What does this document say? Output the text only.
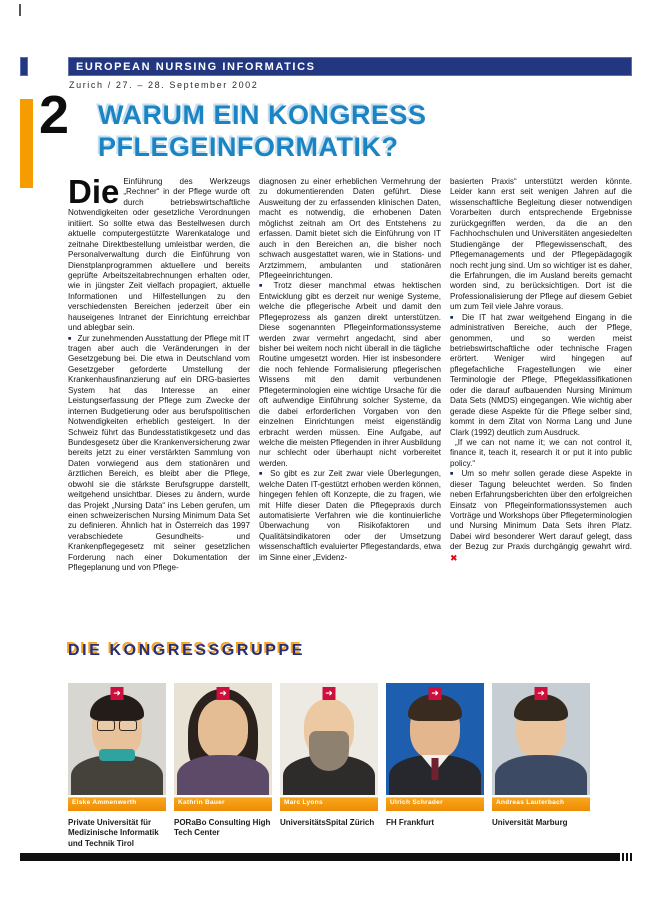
EUROPEAN NURSING INFORMATICS
Zurich / 27. – 28. September 2002
2 WARUM EIN KONGRESS
PFLEGEINFORMATIK?

Die Einführung des Werkzeugs „Rechner“ in der Pflege wurde oft durch betriebswirtschaftliche Notwendigkeiten oder gesetzliche Verordnungen initiiert. So sollte etwa das Bestellwesen durch aktuelle computergestützte Warenkataloge und zeitnahe Direktbestellung umleistbar werden, die Personalverwaltung durch die Einführung von Dienstplanprogrammen aktuellere und bereits geprüfte Arbeitszeitabrechnungen erhalten oder, wie in jüngster Zeit vielfach propagiert, aktuelle Informationen und Hilfestellungen zu den verschiedensten Bereichen jederzeit über ein hauseigenes Intranet der Einrichtung erreichbar und ablegbar sein.

■  Zur zunehmenden Ausstattung der Pflege mit IT tragen aber auch die Veränderungen in der Gesetzgebung bei. Die etwa in Deutschland vom Gesetzgeber geforderte Umstellung der Krankenhausfinanzierung auf ein DRG-basiertes System hat das Interesse an einer Leistungserfassung der Pflege zum Zwecke der internen Budgetierung oder aus berufspolitischen Notwendigkeiten erheblich gesteigert. In der Schweiz führt das Bundesstatistikgesetz und das Bundesgesetz über die Krankenversicherung zwar bereits jetzt zu einer verstärkten Sammlung von Daten vorwiegend aus dem stationären und ärztlichen Bereich, es bleibt aber die Pflege, obwohl sie die stärkste Berufsgruppe darstellt, weitgehend unsichtbar. Dieses zu ändern, wurde das Projekt „Nursing Data“ ins Leben gerufen, um einen schweizerischen Nursing Minimum Data Set zu definieren. Ähnlich hat in Österreich das 1997 verabschiedete Gesundheits- und Krankenpflegegesetz mit seiner gesetzlichen Forderung nach einer Dokumentation der Pflegeplanung und von Pflege-

diagnosen zu einer erheblichen Vermehrung der zu dokumentierenden Daten geführt. Diese Ausweitung der zu erfassenden klinischen Daten, macht es notwendig, die erhobenen Daten möglichst zeitnah am Ort des Entstehens zu erfassen. Damit bietet sich die Einführung von IT auch in den Bereichen an, die bisher noch schwach ausgestattet waren, wie in Stations- und Arztzimmern, ambulanten und stationären Pflegeeinrichtungen.

■  Trotz dieser manchmal etwas hektischen Entwicklung gibt es derzeit nur wenige Systeme, welche die pflegerische Arbeit und damit den Pflegeprozess als ganzen direkt unterstützen. Diese sogenannten Pflegeinformationssysteme werden zwar vermehrt angedacht, sind aber bisher bei weitem noch nicht überall in die tägliche Routine umgesetzt worden. Hier ist insbesondere die noch fehlende Formalisierung pflegerischen Wissens mit den damit verbundenen Pflegeterminologien eine wichtige Ursache für die oft aufwendige Einführung solcher Systeme, da die dabei erforderlichen Vorgaben von den einzelnen Einrichtungen meist eigenständig erbracht werden müssen. Eine Aufgabe, auf welche die meisten Pflegenden in ihrer Ausbildung nur schlecht oder überhaupt nicht vorbereitet werden.

■  So gibt es zur Zeit zwar viele Überlegungen, welche Daten IT-gestützt erhoben werden können, hingegen fehlen oft Konzepte, die zu fragen, wie mit Hilfe dieser Daten die Pflegepraxis durch automatisierte Verfahren wie die kontinuierliche Überwachung von Risikofaktoren und Qualitätsindikatoren oder der Umsetzung wissenschaftlich evaluierter Pflegestandards, etwa im Sinne einer „Evidenz-

basierten Praxis“ unterstützt werden könnte. Leider kann erst seit wenigen Jahren auf die wissenschaftliche Begleitung dieser notwendigen Vorarbeiten durch entsprechende Ergebnisse zurückgegriffen werden, da die an den Fachhochschulen und Universitäten angesiedelten Studiengänge der Pflegewissenschaft, des Pflegemanagements und der Pflegepädagogik noch recht jung sind. Um so wichtiger ist es daher, die Erfahrungen, die im Ausland bereits gemacht worden sind, zu berücksichtigen. Dort ist die Professionalisierung der Pflege auf diesem Gebiet um zum Teil viele Jahre voraus.

■  Die IT hat zwar weitgehend Eingang in die administrativen Bereiche, auch der Pflege, genommen, und so werden meist betriebswirtschaftliche oder technische Fragen erörtert. Weniger wird hingegen auf pflegefachliche Fragestellungen wie einer Terminologie der Pflege, Pflegeklassifikationen oder die darauf aufbauenden Nursing Minimum Data Sets (NMDS) eingegangen. Wie wichtig aber gerade diese Aspekte für die Pflege selber sind, kommt in dem Zitat von Norma Lang und June Clark (1992) deutlich zum Ausdruck.

„If we can not name it; we can not control it, finance it, teach it, research it or put it into public policy.“

■  Um so mehr sollen gerade diese Aspekte in dieser Tagung beleuchtet werden. So finden neben Erfahrungsberichten über den erfolgreichen Einsatz von Pflegeinformationssystemen auch Vorträge und Workshops über Pflegeterminologien und Nursing Minimum Data Sets ihren Platz. Dabei wird besonderer Wert darauf gelegt, dass der Bezug zur Praxis durchgängig gewahrt wird. ✖

DIE KONGRESSGRUPPE
➜
Elske Ammenwerth
Private Universität für Medizinische Informatik und Technik Tirol
➜
Kathrin Bauer
PORaBo Consulting High Tech Center
➜
Marc Lyons
UniversitätsSpital Zürich
➜
Ulrich Schrader
FH Frankfurt
➜
Andreas Lauterbach
Universität Marburg
